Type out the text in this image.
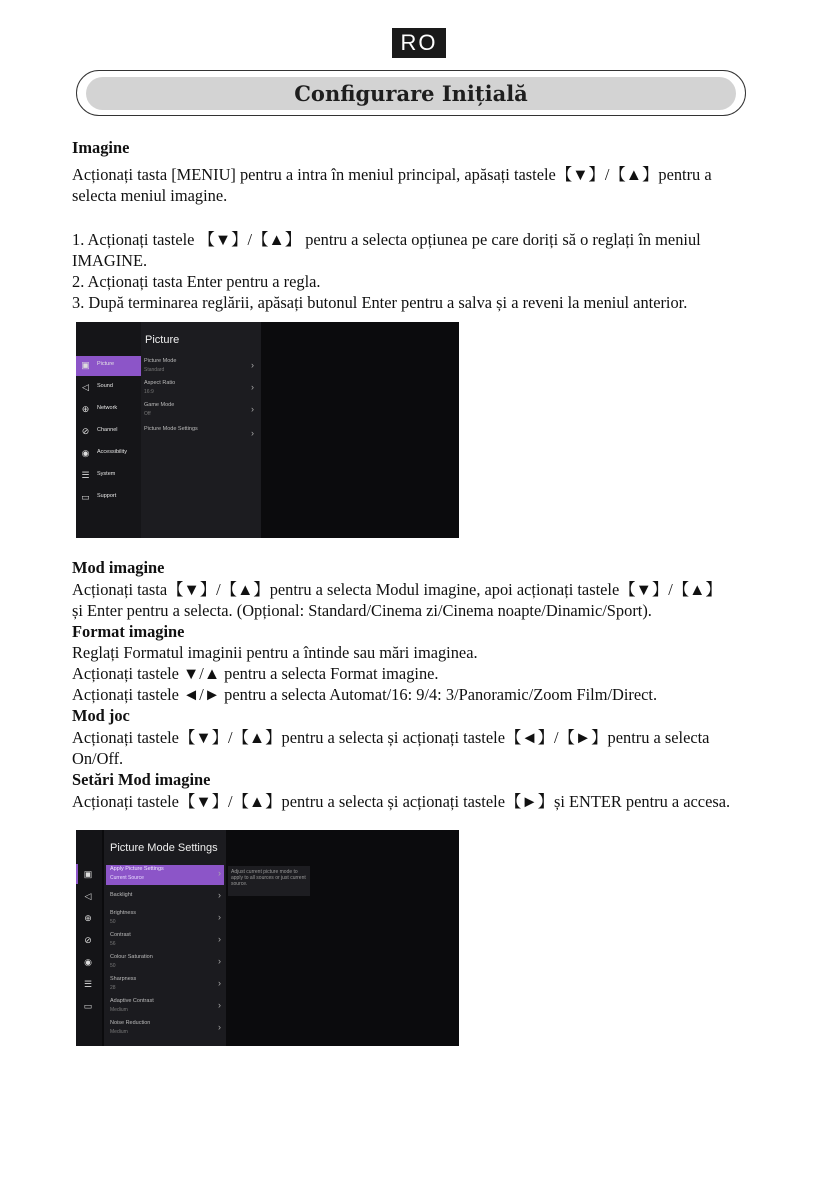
RO
Configurare Inițială
Imagine
Acționați tasta [MENIU] pentru a intra în meniul principal, apăsați tastele【▼】/【▲】pentru a
selecta meniul imagine.
1. Acționați tastele 【▼】/【▲】 pentru a selecta opțiunea pe care doriți să o reglați în meniul
IMAGINE.
2. Acționați tasta Enter pentru a regla.
3. După terminarea reglării, apăsați butonul Enter pentru a salva și a reveni la meniul anterior.
Picture
▣ Picture
◁	Sound
⊕	Network
⊘	Channel
◉ Accessibility
☰ System
▭ Support
Picture Mode
Standard	›
Aspect Ratio
16:9	›
Game Mode
Off	›
Picture Mode Settings	›
Mod imagine
Acționați tasta【▼】/【▲】pentru a selecta Modul imagine, apoi acționați tastele【▼】/【▲】
și Enter pentru a selecta. (Opțional: Standard/Cinema zi/Cinema noapte/Dinamic/Sport).
Format imagine
Reglați Formatul imaginii pentru a întinde sau mări imaginea.
Acționați tastele ▼/▲ pentru a selecta Format imagine.
Acționați tastele ◄/► pentru a selecta Automat/16: 9/4: 3/Panoramic/Zoom Film/Direct.
Mod joc
Acționați tastele【▼】/【▲】pentru a selecta și acționați tastele【◄】/【►】pentru a selecta
On/Off.
Setări Mod imagine
Acționați tastele【▼】/【▲】pentru a selecta și acționați tastele【►】și ENTER pentru a accesa.
Picture Mode Settings
▣
◁
⊕
⊘
◉
☰
▭
Apply Picture Settings
Current Source	›
Backlight	›
Brightness
50	›
Contrast
56	›
Colour Saturation
50	›
Sharpness
28	›
Adaptive Contrast
Medium	›
Noise Reduction
Medium	›
Adjust current picture mode to apply to all sources or just current source.
